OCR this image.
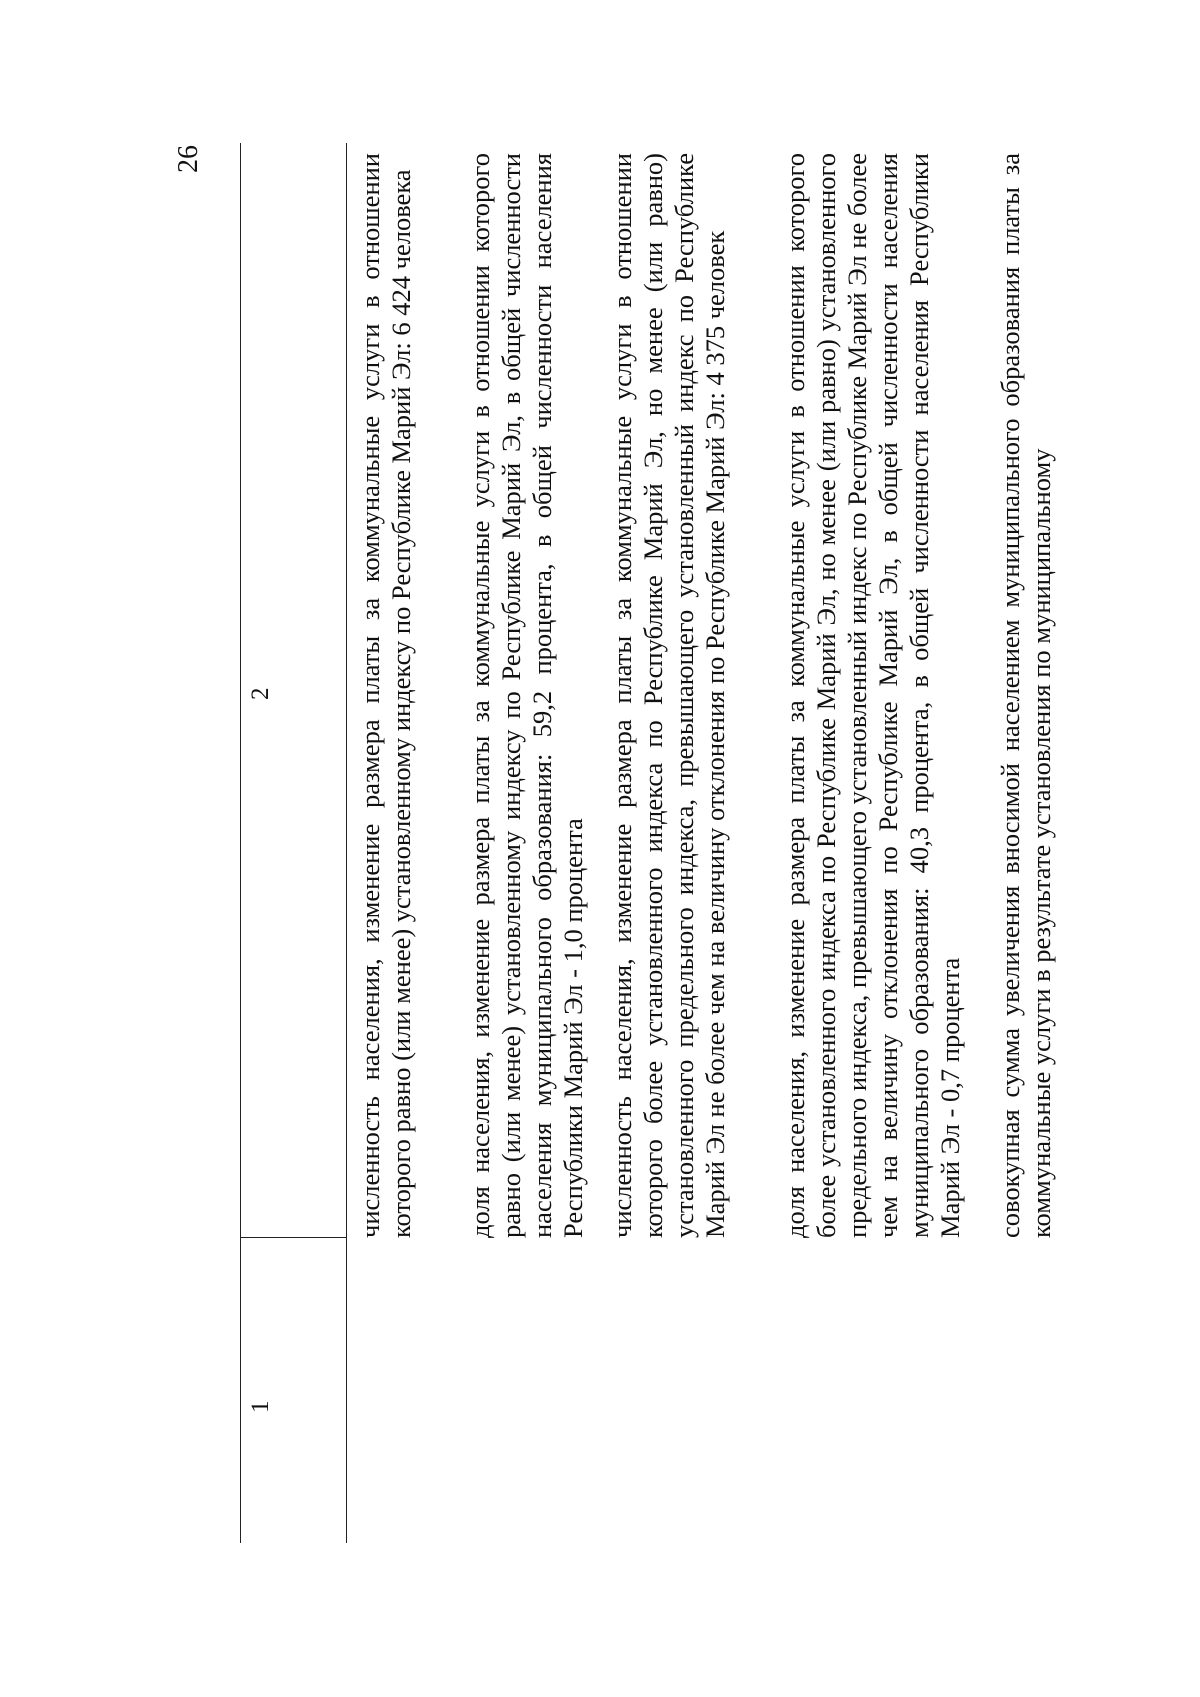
26
1
2	численность населения, изменение размера платы за коммунальные услуги в отношении которого равно (или менее) установленному индексу по Республике Марий Эл: 6 424 человека доля населения, изменение размера платы за коммунальные услуги в отношении которого равно (или менее) установленному индексу по Республике Марий Эл, в общей численности населения муниципального образования: 59,2 процента, в общей численности населения Республики Марий Эл - 1,0 процента численность населения, изменение размера платы за коммунальные услуги в отношении которого более установленного индекса по Республике Марий Эл, но менее (или равно) установленного предельного индекса, превышающего установленный индекс по Республике Марий Эл не более чем на величину отклонения по Республике Марий Эл: 4 375 человек доля населения, изменение размера платы за коммунальные услуги в отношении которого более установленного индекса по Республике Марий Эл, но менее (или равно) установленного предельного индекса, превышающего установленный индекс по Республике Марий Эл не более чем на величину отклонения по Республике Марий Эл, в общей численности населения муниципального образования: 40,3 процента, в общей численности населения Республики Марий Эл - 0,7 процента совокупная сумма увеличения вносимой населением муниципального образования платы за коммунальные услуги в результате установления по муниципальному
